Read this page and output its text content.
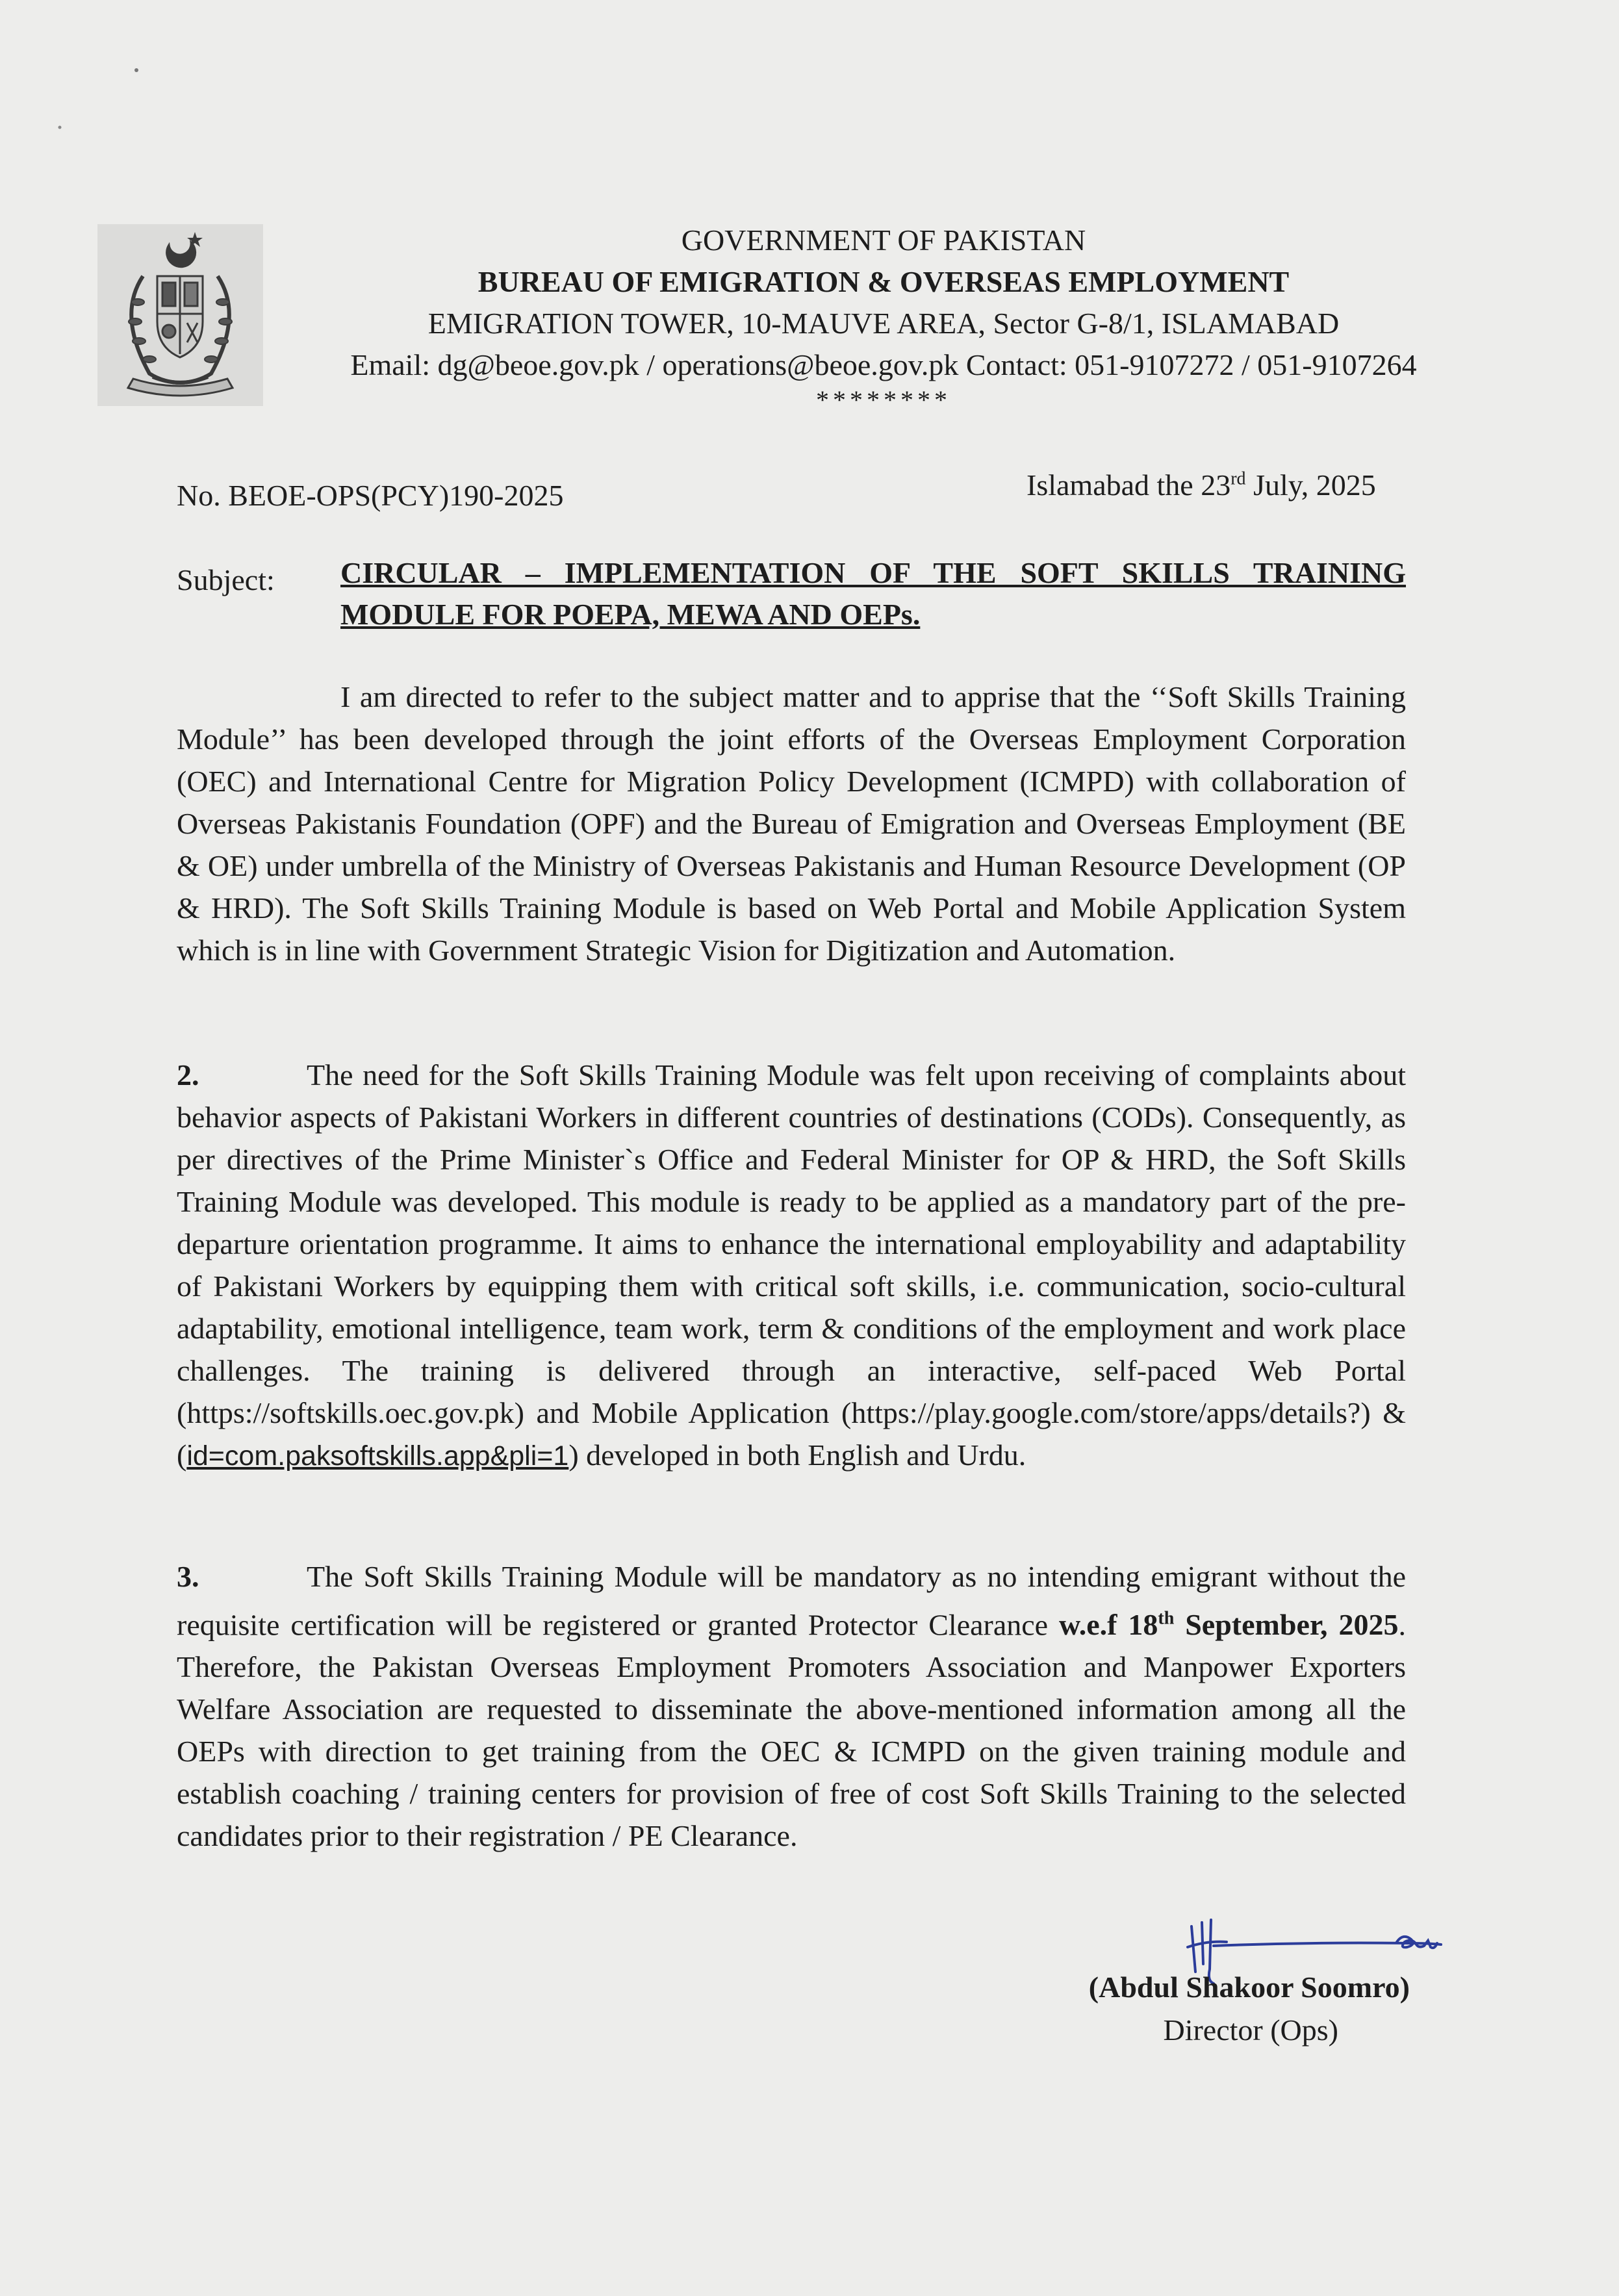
GOVERNMENT OF PAKISTAN
BUREAU OF EMIGRATION & OVERSEAS EMPLOYMENT
EMIGRATION TOWER, 10-MAUVE AREA, Sector G-8/1, ISLAMABAD
Email: dg@beoe.gov.pk / operations@beoe.gov.pk Contact: 051-9107272 / 051-9107264
********
No. BEOE-OPS(PCY)190-2025	Islamabad the 23rd July, 2025
Subject: CIRCULAR – IMPLEMENTATION OF THE SOFT SKILLS TRAINING
MODULE FOR POEPA, MEWA AND OEPs.
I am directed to refer to the subject matter and to apprise that the ‘‘Soft Skills Training Module’’ has been developed through the joint efforts of the Overseas Employment Corporation (OEC) and International Centre for Migration Policy Development (ICMPD) with collaboration of Overseas Pakistanis Foundation (OPF) and the Bureau of Emigration and Overseas Employment (BE & OE) under umbrella of the Ministry of Overseas Pakistanis and Human Resource Development (OP & HRD). The Soft Skills Training Module is based on Web Portal and Mobile Application System which is in line with Government Strategic Vision for Digitization and Automation.
2.	The need for the Soft Skills Training Module was felt upon receiving of complaints about behavior aspects of Pakistani Workers in different countries of destinations (CODs). Consequently, as per directives of the Prime Minister`s Office and Federal Minister for OP & HRD, the Soft Skills Training Module was developed. This module is ready to be applied as a mandatory part of the pre-departure orientation programme. It aims to enhance the international employability and adaptability of Pakistani Workers by equipping them with critical soft skills, i.e. communication, socio-cultural adaptability, emotional intelligence, team work, term & conditions of the employment and work place challenges. The training is delivered through an interactive, self-paced Web Portal (https://softskills.oec.gov.pk) and Mobile Application (https://play.google.com/store/apps/details?) & (id=com.paksoftskills.app&pli=1) developed in both English and Urdu.
3.	The Soft Skills Training Module will be mandatory as no intending emigrant without the requisite certification will be registered or granted Protector Clearance w.e.f 18th September, 2025. Therefore, the Pakistan Overseas Employment Promoters Association and Manpower Exporters Welfare Association are requested to disseminate the above-mentioned information among all the OEPs with direction to get training from the OEC & ICMPD on the given training module and establish coaching / training centers for provision of free of cost Soft Skills Training to the selected candidates prior to their registration / PE Clearance.
(Abdul Shakoor Soomro)
Director (Ops)
